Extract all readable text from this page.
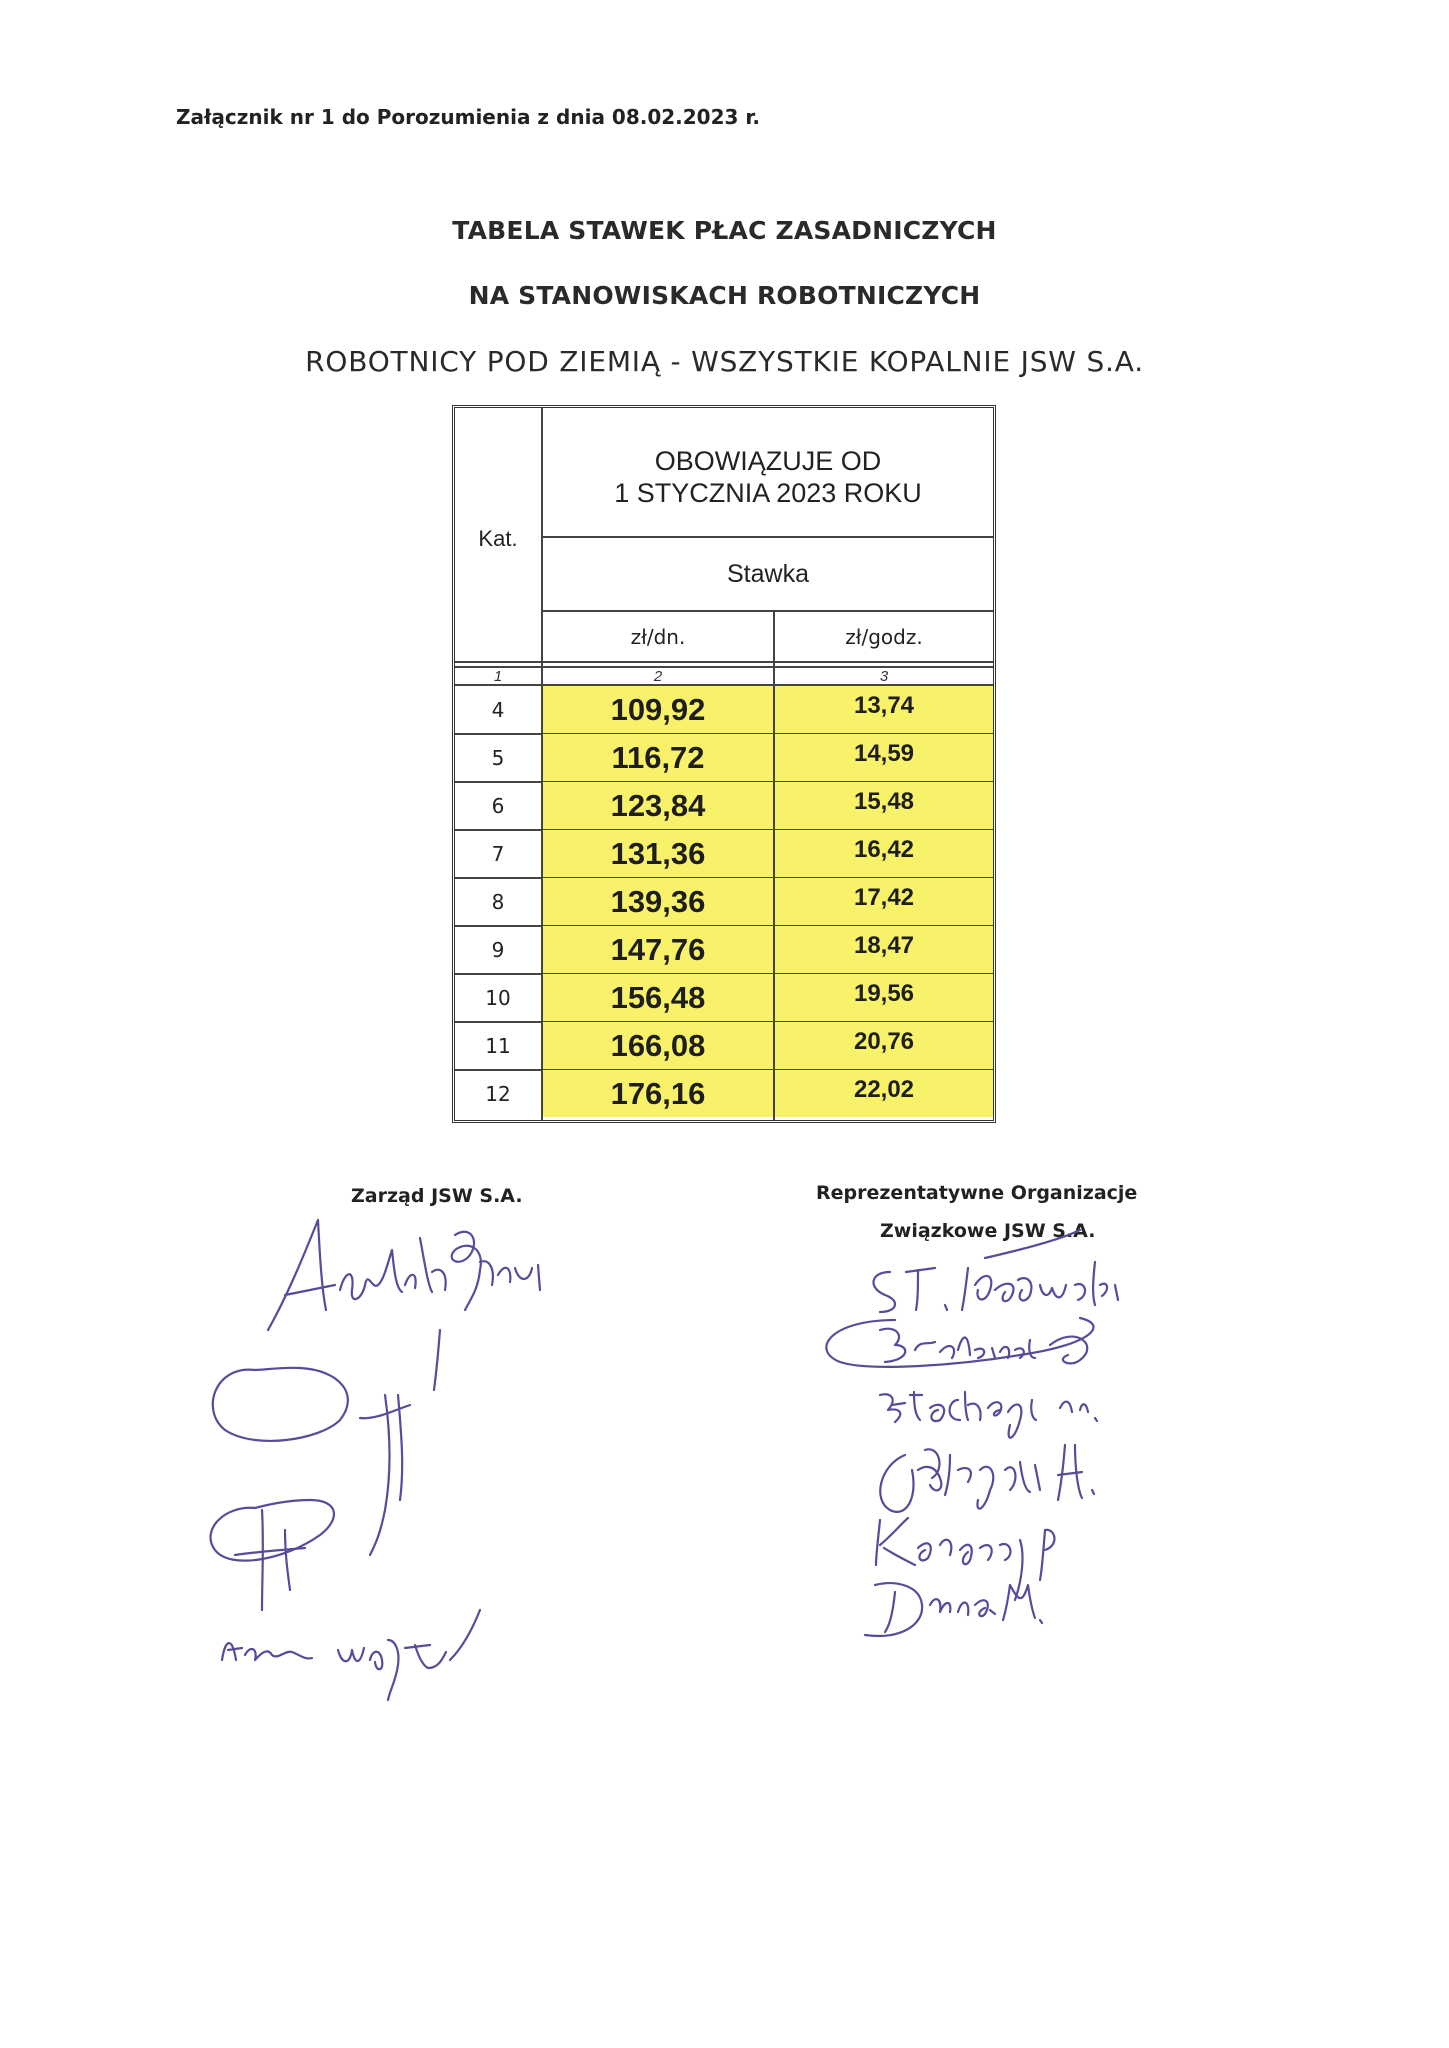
Załącznik nr 1 do Porozumienia z dnia 08.02.2023 r.
TABELA STAWEK PŁAC ZASADNICZYCH
NA STANOWISKACH ROBOTNICZYCH
ROBOTNICY POD ZIEMIĄ - WSZYSTKIE KOPALNIE JSW S.A.
Kat.
OBOWIĄZUJE OD
1 STYCZNIA 2023 ROKU
Stawka
zł/dn.	zł/godz.
1	2	3
4	109,92	13,74
5	116,72	14,59
6	123,84	15,48
7	131,36	16,42
8	139,36	17,42
9	147,76	18,47
10	156,48	19,56
11	166,08	20,76
12	176,16	22,02
Zarząd JSW S.A.	Reprezentatywne Organizacje
Związkowe JSW S.A.
